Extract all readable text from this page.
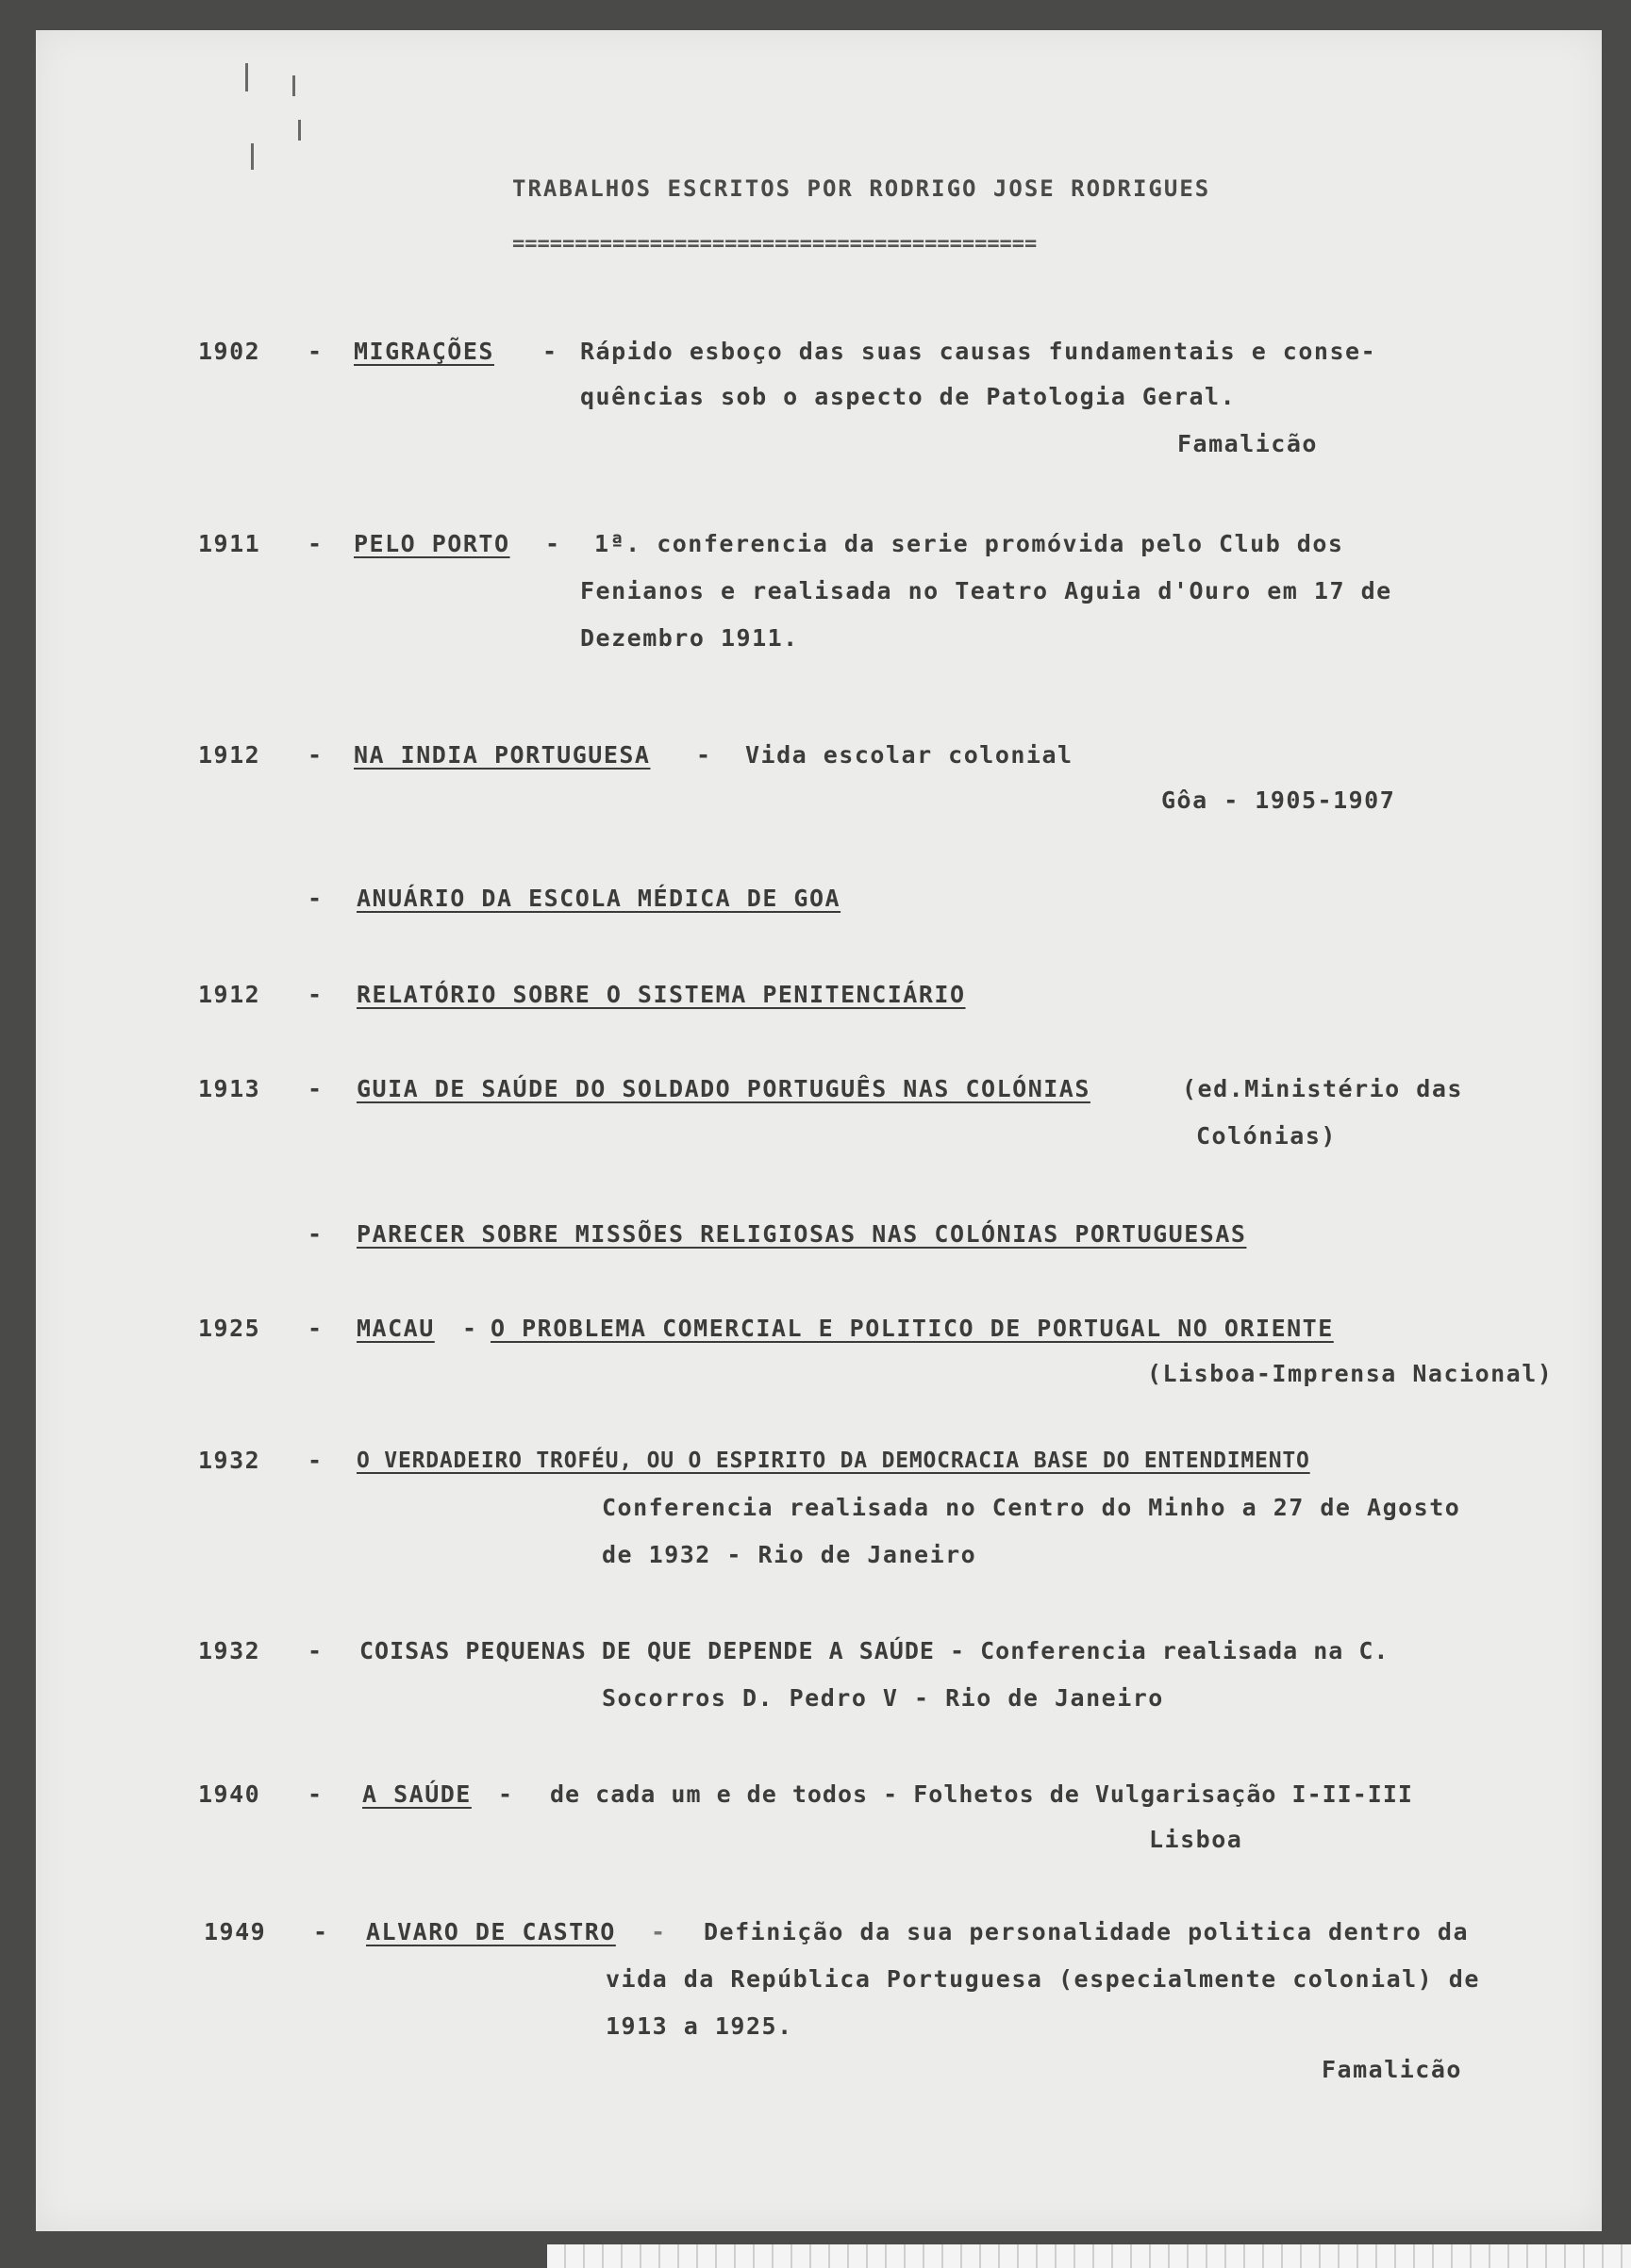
TRABALHOS ESCRITOS POR RODRIGO JOSE RODRIGUES

==========================================

1902 - MIGRAÇÕES - Rápido esboço das suas causas fundamentais e conse-

quências sob o aspecto de Patologia Geral.

Famalicão

1911 - PELO PORTO - 1ª. conferencia da serie promóvida pelo Club dos

Fenianos e realisada no Teatro Aguia d'Ouro em 17 de

Dezembro 1911.

1912 - NA INDIA PORTUGUESA - Vida escolar colonial

Gôa - 1905-1907

- ANUÁRIO DA ESCOLA MÉDICA DE GOA

1912 - RELATÓRIO SOBRE O SISTEMA PENITENCIÁRIO

1913 - GUIA DE SAÚDE DO SOLDADO PORTUGUÊS NAS COLÓNIAS	(ed.Ministério das

Colónias)

- PARECER SOBRE MISSÕES RELIGIOSAS NAS COLÓNIAS PORTUGUESAS

1925 - MACAU - O PROBLEMA COMERCIAL E POLITICO DE PORTUGAL NO ORIENTE

(Lisboa-Imprensa Nacional)

1932 - O VERDADEIRO TROFÉU, OU O ESPIRITO DA DEMOCRACIA BASE DO ENTENDIMENTO

Conferencia realisada no Centro do Minho a 27 de Agosto

de 1932 - Rio de Janeiro

1932 - COISAS PEQUENAS DE QUE DEPENDE A SAÚDE - Conferencia realisada na C.

Socorros D. Pedro V - Rio de Janeiro

1940 - A SAÚDE - de cada um e de todos - Folhetos de Vulgarisação I-II-III

Lisboa

1949 - ALVARO DE CASTRO - Definição da sua personalidade politica dentro da

vida da República Portuguesa (especialmente colonial) de

1913 a 1925.

Famalicão
